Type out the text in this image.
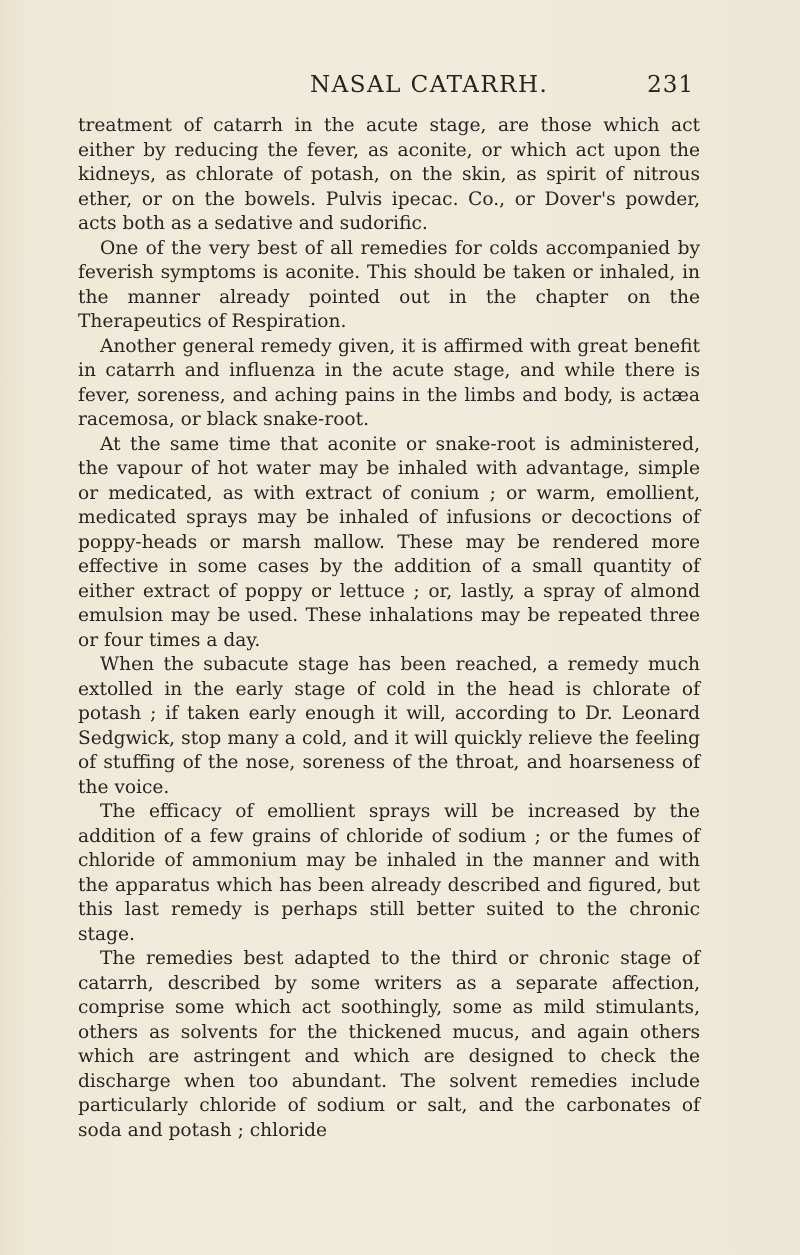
NASAL CATARRH.	231

treatment of catarrh in the acute stage, are those which act either by reducing the fever, as aconite, or which act upon the kidneys, as chlorate of potash, on the skin, as spirit of nitrous ether, or on the bowels. Pulvis ipecac. Co., or Dover's powder, acts both as a sedative and sudorific.

One of the very best of all remedies for colds accompanied by feverish symptoms is aconite. This should be taken or inhaled, in the manner already pointed out in the chapter on the Therapeutics of Respiration.

Another general remedy given, it is affirmed with great benefit in catarrh and influenza in the acute stage, and while there is fever, soreness, and aching pains in the limbs and body, is actæa racemosa, or black snake-root.

At the same time that aconite or snake-root is administered, the vapour of hot water may be inhaled with advantage, simple or medicated, as with extract of conium ; or warm, emollient, medicated sprays may be inhaled of infusions or decoctions of poppy-heads or marsh mallow. These may be rendered more effective in some cases by the addition of a small quantity of either extract of poppy or lettuce ; or, lastly, a spray of almond emulsion may be used. These inhalations may be repeated three or four times a day.

When the subacute stage has been reached, a remedy much extolled in the early stage of cold in the head is chlorate of potash ; if taken early enough it will, according to Dr. Leonard Sedgwick, stop many a cold, and it will quickly relieve the feeling of stuffing of the nose, soreness of the throat, and hoarseness of the voice.

The efficacy of emollient sprays will be increased by the addition of a few grains of chloride of sodium ; or the fumes of chloride of ammonium may be inhaled in the manner and with the apparatus which has been already described and figured, but this last remedy is perhaps still better suited to the chronic stage.

The remedies best adapted to the third or chronic stage of catarrh, described by some writers as a separate affection, comprise some which act soothingly, some as mild stimulants, others as solvents for the thickened mucus, and again others which are astringent and which are designed to check the discharge when too abundant. The solvent remedies include particularly chloride of sodium or salt, and the carbonates of soda and potash ; chloride
